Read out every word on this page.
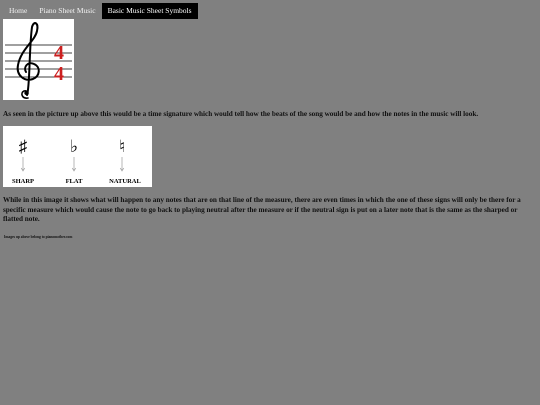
Home	Piano Sheet Music	Basic Music Sheet Symbols
4
4

As seen in the picture up above this would be a time signature which would tell how the beats of the song would be and how the notes in the music will look.

♯
SHARP
♭
FLAT
♮
NATURAL

While in this image it shows what will happen to any notes that are on that line of the measure, there are even times in which the one of these signs will only be there for a specific measure which would cause the note to go back to playing neutral after the measure or if the neutral sign is put on a later note that is the same as the sharped or flatted note.

Images up above belong to pianomother.com
